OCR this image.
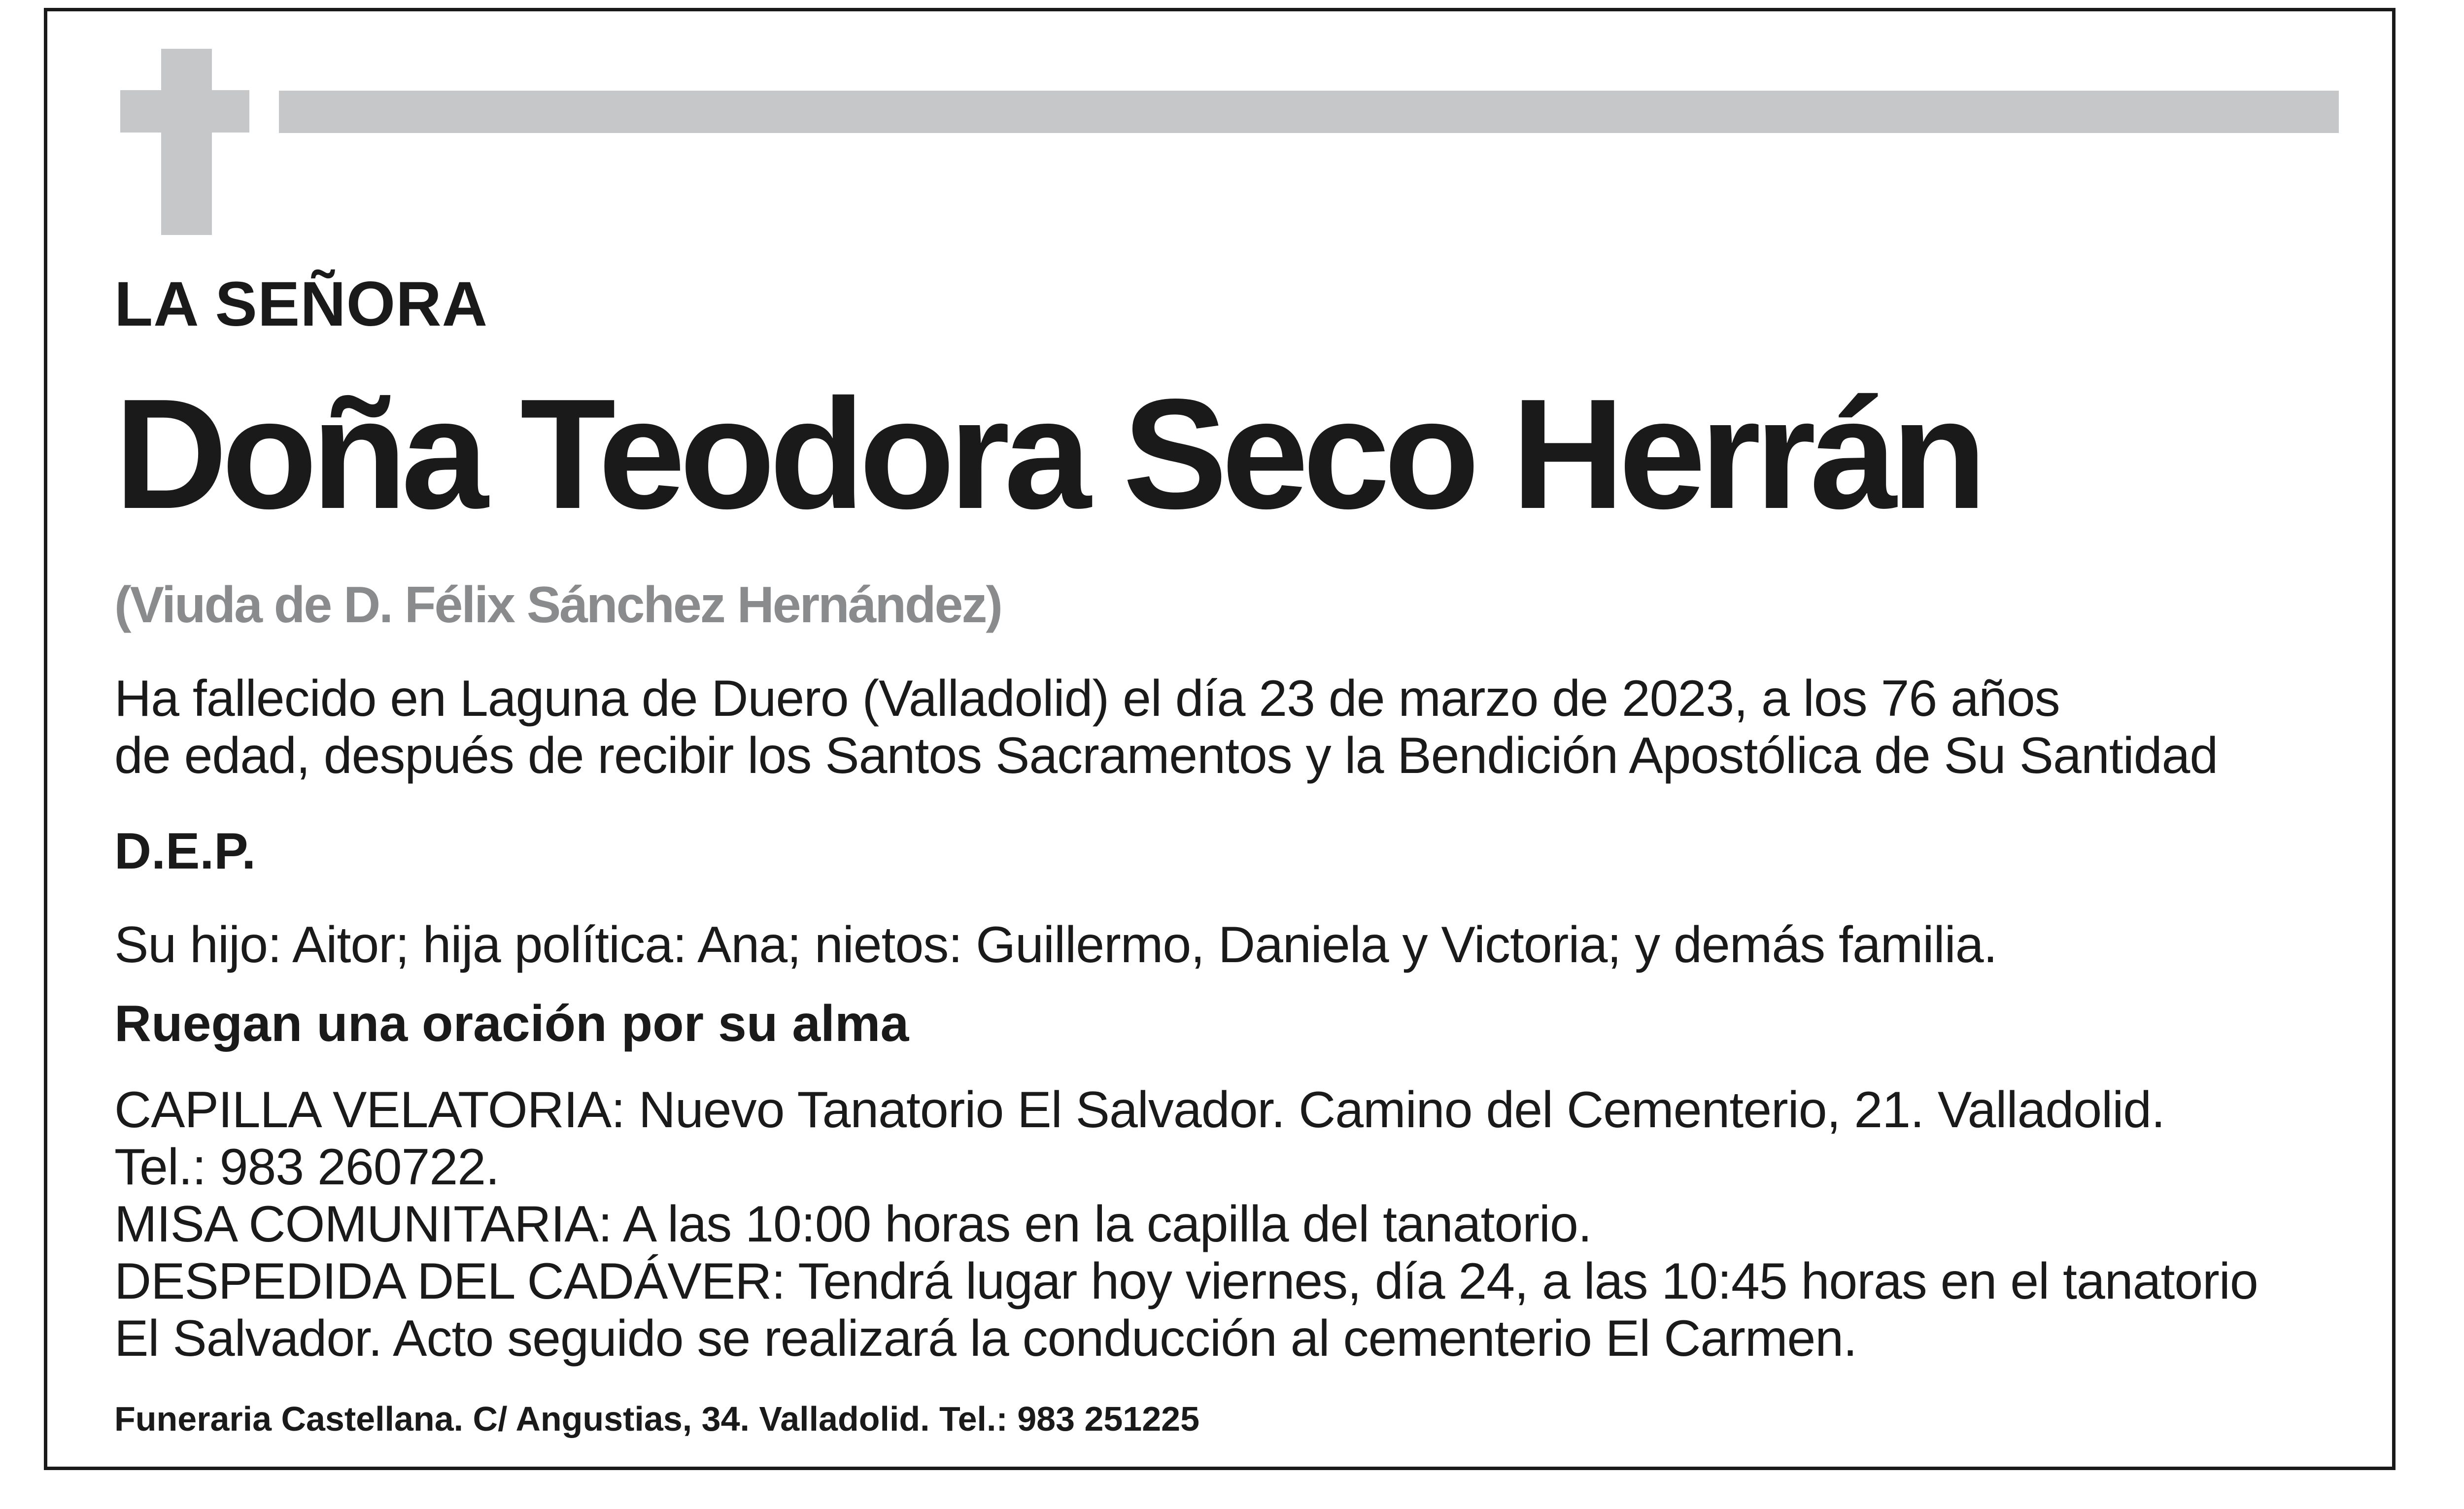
LA SEÑORA

Doña Teodora Seco Herrán

(Viuda de D. Félix Sánchez Hernández)

Ha fallecido en Laguna de Duero (Valladolid) el día 23 de marzo de 2023, a los 76 años
de edad, después de recibir los Santos Sacramentos y la Bendición Apostólica de Su Santidad

D.E.P.

Su hijo: Aitor; hija política: Ana; nietos: Guillermo, Daniela y Victoria; y demás familia.

Ruegan una oración por su alma

CAPILLA VELATORIA: Nuevo Tanatorio El Salvador. Camino del Cementerio, 21. Valladolid.
Tel.: 983 260722.
MISA COMUNITARIA: A las 10:00 horas en la capilla del tanatorio.
DESPEDIDA DEL CADÁVER: Tendrá lugar hoy viernes, día 24, a las 10:45 horas en el tanatorio
El Salvador. Acto seguido se realizará la conducción al cementerio El Carmen.

Funeraria Castellana. C/ Angustias, 34. Valladolid. Tel.: 983 251225
